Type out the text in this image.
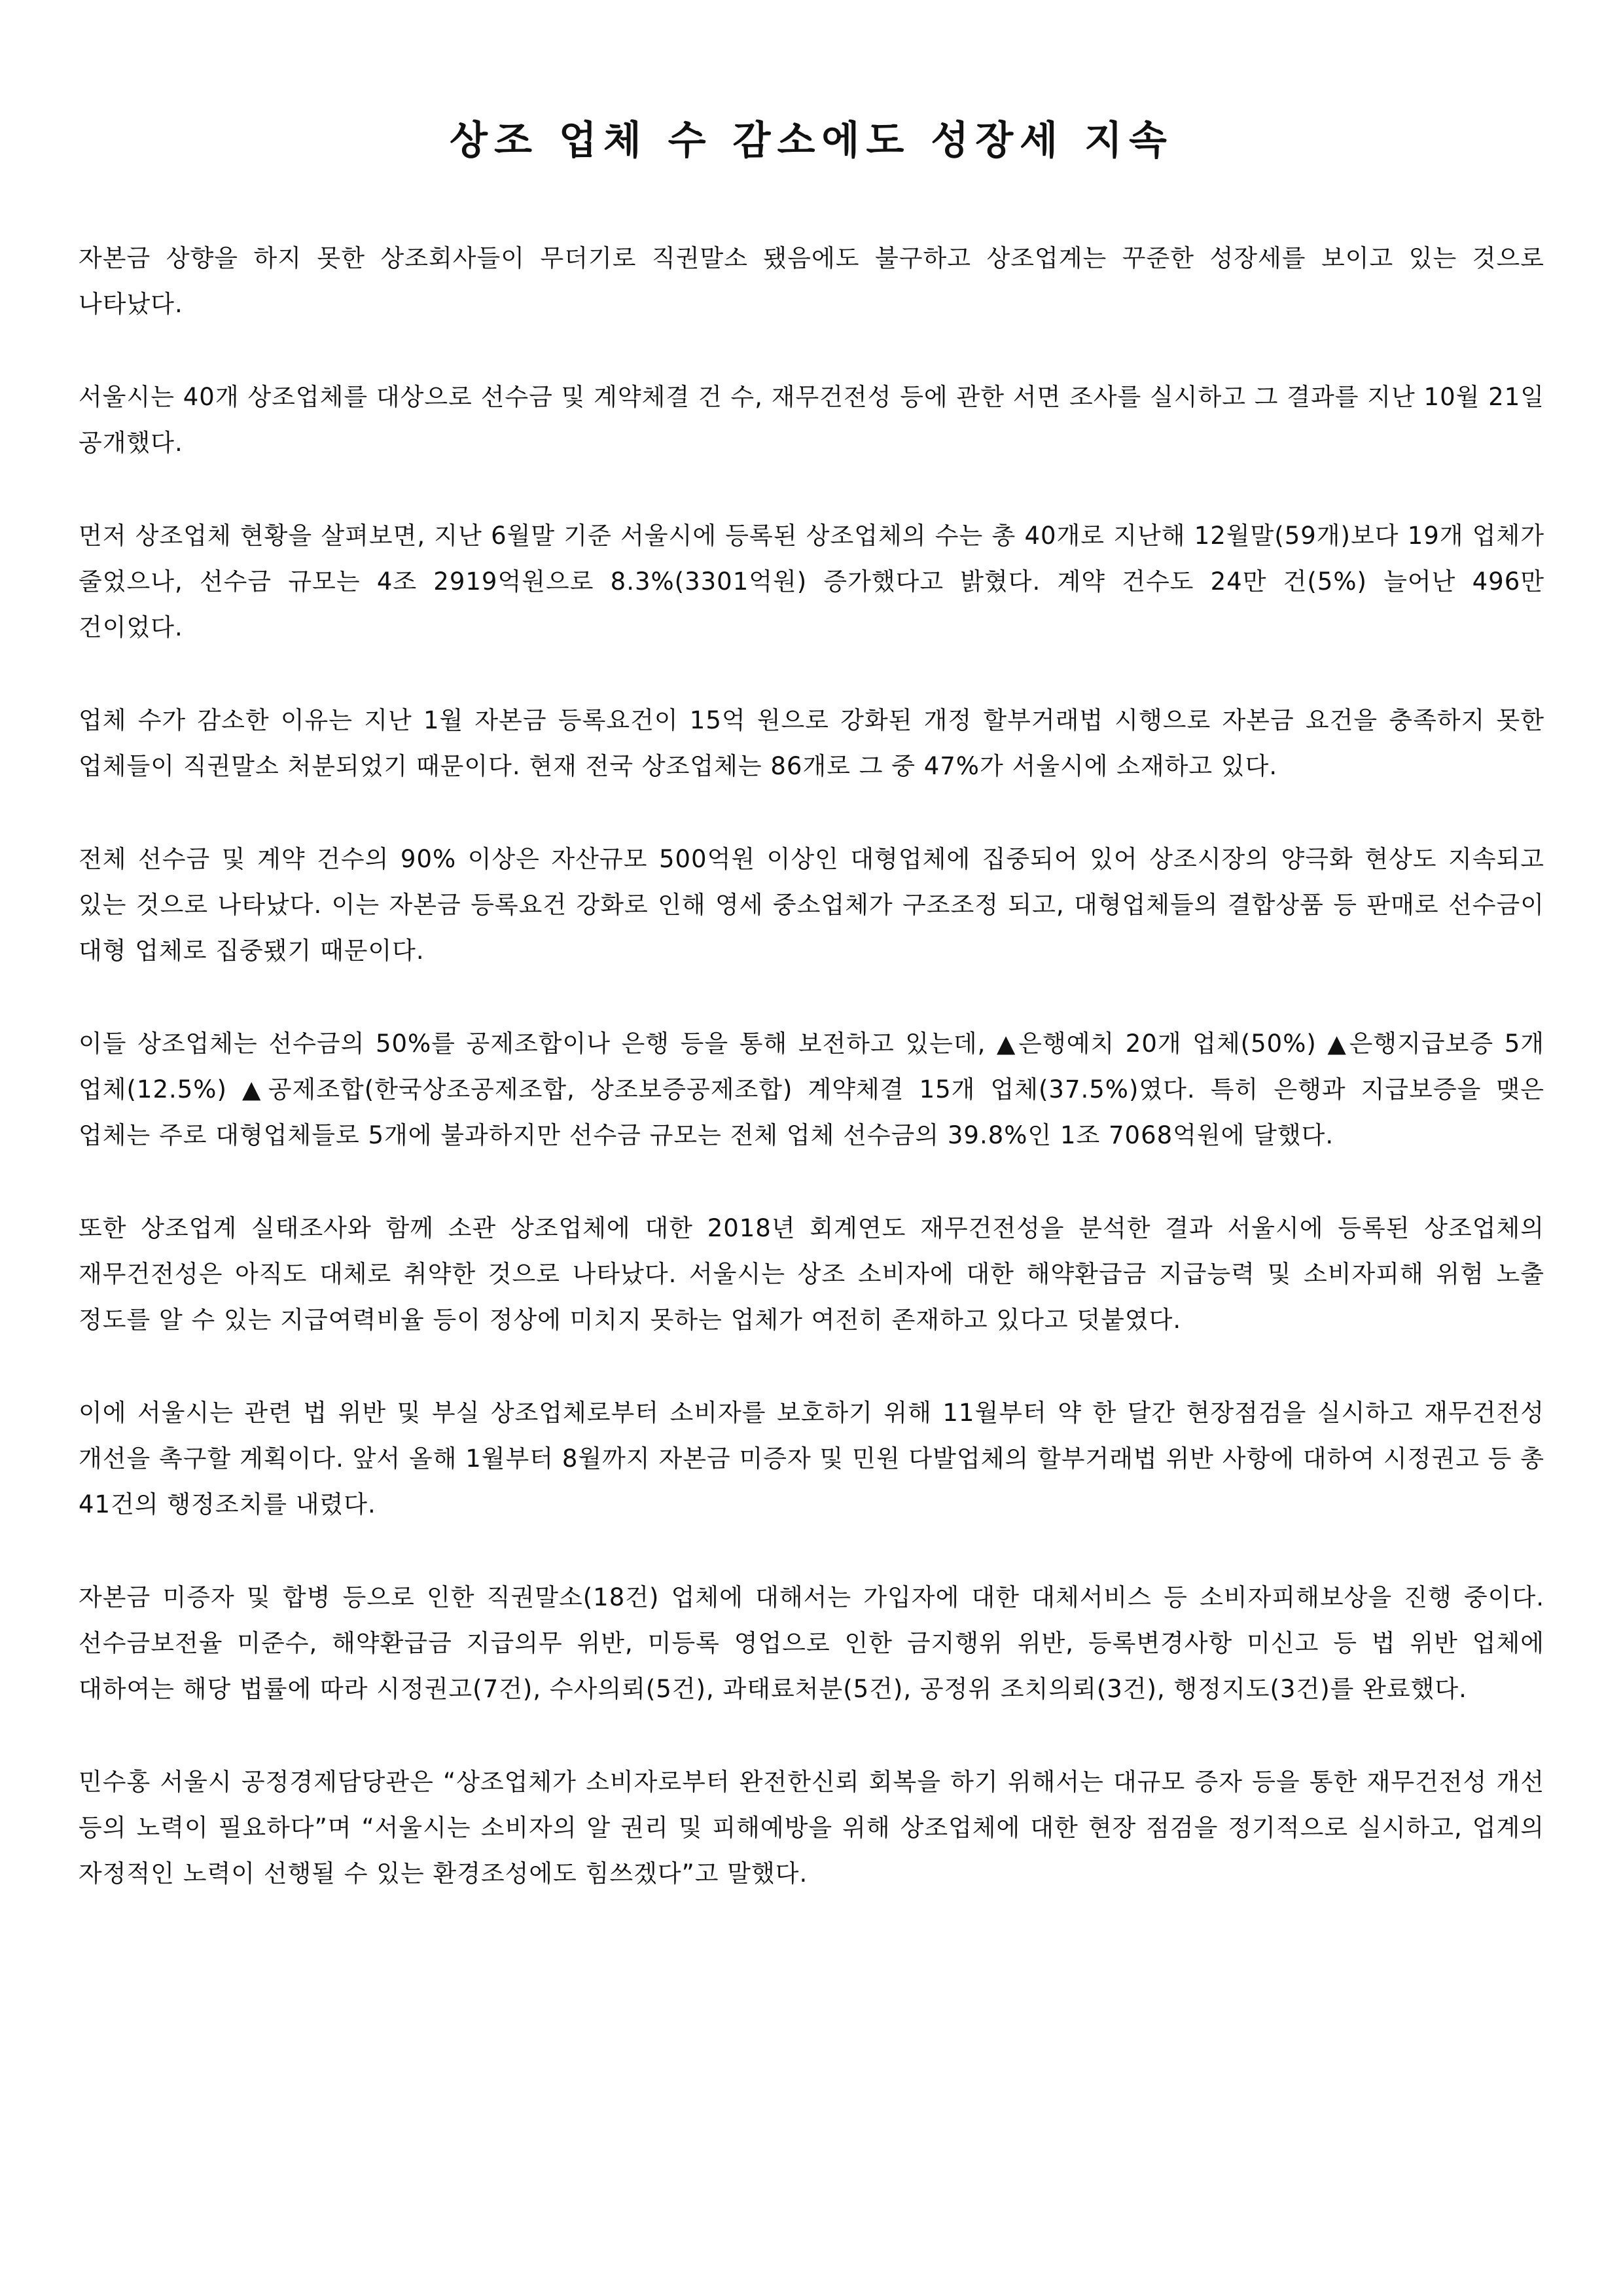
상조 업체 수 감소에도 성장세 지속

자본금 상향을 하지 못한 상조회사들이 무더기로 직권말소 됐음에도 불구하고 상조업계는 꾸준한 성장세를 보이고 있는 것으로 나타났다.

서울시는 40개 상조업체를 대상으로 선수금 및 계약체결 건 수, 재무건전성 등에 관한 서면 조사를 실시하고 그 결과를 지난 10월 21일 공개했다.

먼저 상조업체 현황을 살펴보면, 지난 6월말 기준 서울시에 등록된 상조업체의 수는 총 40개로 지난해 12월말(59개)보다 19개 업체가 줄었으나, 선수금 규모는 4조 2919억원으로 8.3%(3301억원) 증가했다고 밝혔다. 계약 건수도 24만 건(5%) 늘어난 496만 건이었다.

업체 수가 감소한 이유는 지난 1월 자본금 등록요건이 15억 원으로 강화된 개정 할부거래법 시행으로 자본금 요건을 충족하지 못한 업체들이 직권말소 처분되었기 때문이다. 현재 전국 상조업체는 86개로 그 중 47%가 서울시에 소재하고 있다.

전체 선수금 및 계약 건수의 90% 이상은 자산규모 500억원 이상인 대형업체에 집중되어 있어 상조시장의 양극화 현상도 지속되고 있는 것으로 나타났다. 이는 자본금 등록요건 강화로 인해 영세 중소업체가 구조조정 되고, 대형업체들의 결합상품 등 판매로 선수금이 대형 업체로 집중됐기 때문이다.

이들 상조업체는 선수금의 50%를 공제조합이나 은행 등을 통해 보전하고 있는데, ▲은행예치 20개 업체(50%) ▲은행지급보증 5개 업체(12.5%) ▲공제조합(한국상조공제조합, 상조보증공제조합) 계약체결 15개 업체(37.5%)였다. 특히 은행과 지급보증을 맺은 업체는 주로 대형업체들로 5개에 불과하지만 선수금 규모는 전체 업체 선수금의 39.8%인 1조 7068억원에 달했다.

또한 상조업계 실태조사와 함께 소관 상조업체에 대한 2018년 회계연도 재무건전성을 분석한 결과 서울시에 등록된 상조업체의 재무건전성은 아직도 대체로 취약한 것으로 나타났다. 서울시는 상조 소비자에 대한 해약환급금 지급능력 및 소비자피해 위험 노출 정도를 알 수 있는 지급여력비율 등이 정상에 미치지 못하는 업체가 여전히 존재하고 있다고 덧붙였다.

이에 서울시는 관련 법 위반 및 부실 상조업체로부터 소비자를 보호하기 위해 11월부터 약 한 달간 현장점검을 실시하고 재무건전성 개선을 촉구할 계획이다. 앞서 올해 1월부터 8월까지 자본금 미증자 및 민원 다발업체의 할부거래법 위반 사항에 대하여 시정권고 등 총 41건의 행정조치를 내렸다.

자본금 미증자 및 합병 등으로 인한 직권말소(18건) 업체에 대해서는 가입자에 대한 대체서비스 등 소비자피해보상을 진행 중이다. 선수금보전율 미준수, 해약환급금 지급의무 위반, 미등록 영업으로 인한 금지행위 위반, 등록변경사항 미신고 등 법 위반 업체에 대하여는 해당 법률에 따라 시정권고(7건), 수사의뢰(5건), 과태료처분(5건), 공정위 조치의뢰(3건), 행정지도(3건)를 완료했다.

민수홍 서울시 공정경제담당관은 “상조업체가 소비자로부터 완전한신뢰 회복을 하기 위해서는 대규모 증자 등을 통한 재무건전성 개선 등의 노력이 필요하다”며 “서울시는 소비자의 알 권리 및 피해예방을 위해 상조업체에 대한 현장 점검을 정기적으로 실시하고, 업계의 자정적인 노력이 선행될 수 있는 환경조성에도 힘쓰겠다”고 말했다.
